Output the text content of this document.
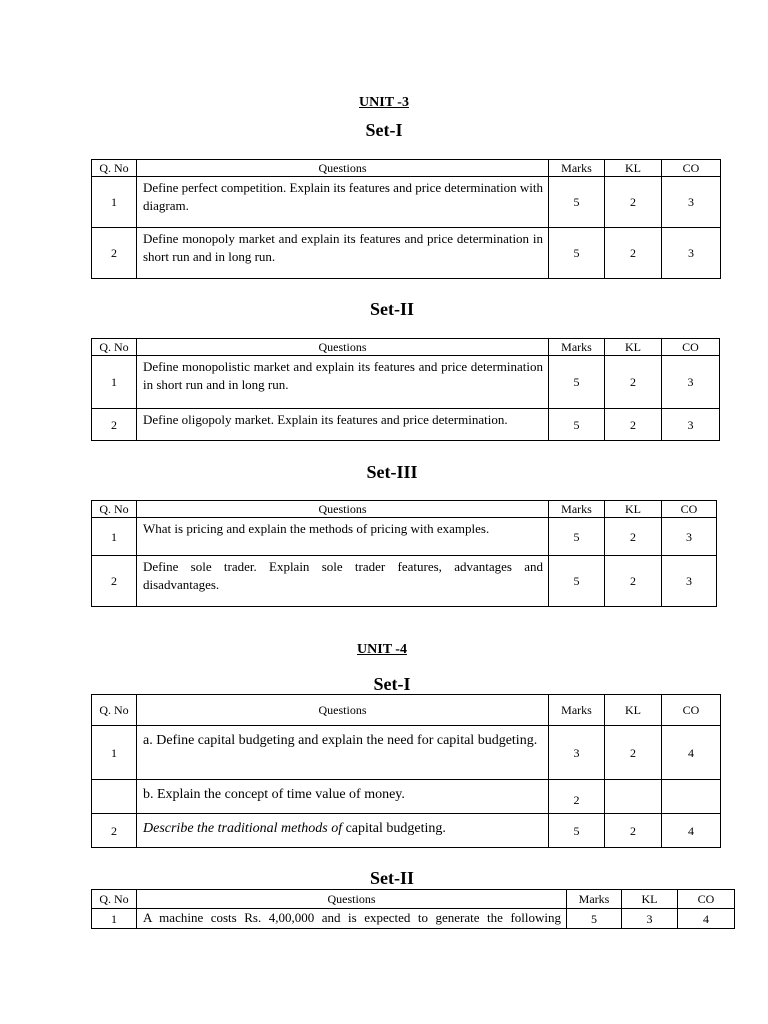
UNIT -3
Set-I
Q. No	Questions	Marks	KL	CO
1	Define perfect competition. Explain its features and price determination with diagram.	5	2	3
2	Define monopoly market and explain its features and price determination in short run and in long run.	5	2	3
Set-II
Q. No	Questions	Marks	KL	CO
1	Define monopolistic market and explain its features and price determination in short run and in long run.	5	2	3
2	Define oligopoly market. Explain its features and price determination.	5	2	3
Set-III
Q. No	Questions	Marks	KL	CO
1	What is pricing and explain the methods of pricing with examples.	5	2	3
2	Define sole trader. Explain sole trader features, advantages and disadvantages.	5	2	3
UNIT -4
Set-I
Q. No	Questions	Marks	KL	CO
1	a. Define capital budgeting and explain the need for capital budgeting.	3	2	4
	b. Explain the concept of time value of money.	2		
2	Describe the traditional methods of capital budgeting.	5	2	4
Set-II
Q. No	Questions	Marks	KL	CO
1	A machine costs Rs. 4,00,000 and is expected to generate the following	5	3	4
